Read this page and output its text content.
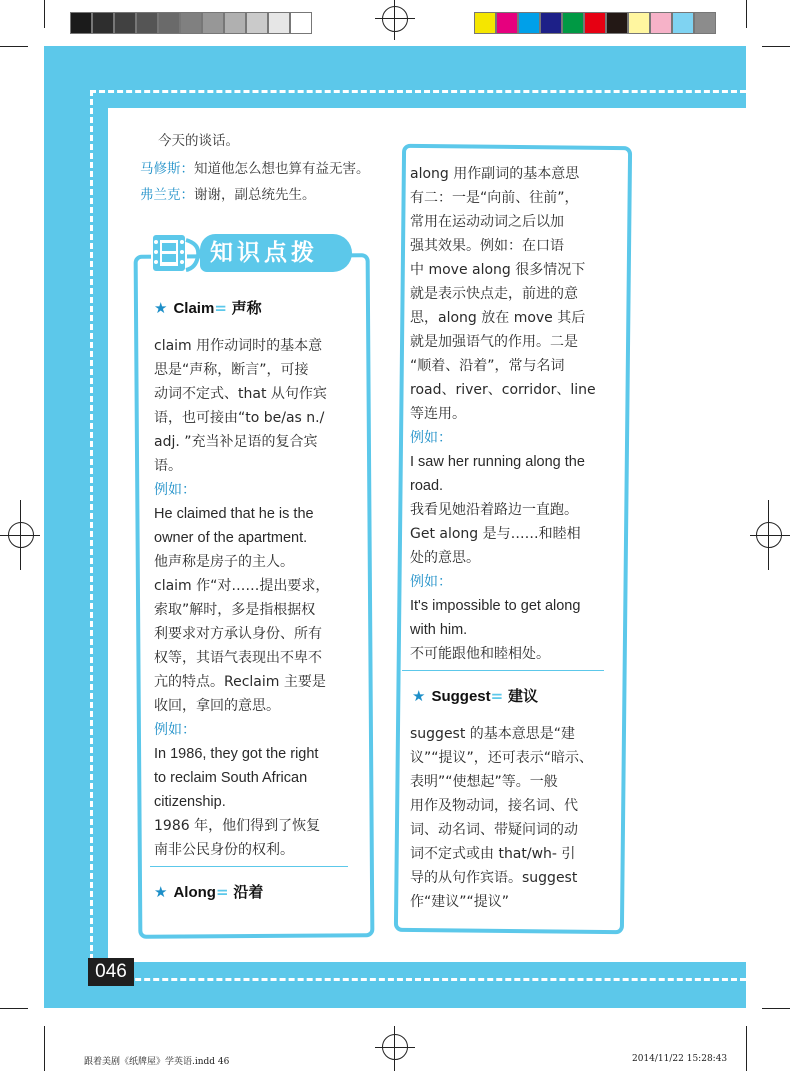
今天的谈话。
马修斯：知道他怎么想也算有益无害。
弗兰克：谢谢，副总统先生。
知识点拨
★ Claim= 声称

claim 用作动词时的基本意

思是“声称，断言”，可接

动词不定式、that 从句作宾

语，也可接由“to be/as n./

adj. ”充当补足语的复合宾

语。

例如：

He claimed that he is the

owner of the apartment.

他声称是房子的主人。

claim 作“对……提出要求，

索取”解时，多是指根据权

利要求对方承认身份、所有

权等，其语气表现出不卑不

亢的特点。Reclaim 主要是

收回，拿回的意思。

例如：

In 1986, they got the right

to reclaim South African

citizenship.

1986 年，他们得到了恢复

南非公民身份的权利。

★ Along= 沿着

along 用作副词的基本意思

有二：一是“向前、往前”，

常用在运动动词之后以加

强其效果。例如：在口语

中 move along 很多情况下

就是表示快点走，前进的意

思，along 放在 move 其后

就是加强语气的作用。二是

“顺着、沿着”，常与名词

road、river、corridor、line

等连用。

例如：

I saw her running along the

road.

我看见她沿着路边一直跑。

Get along 是与……和睦相

处的意思。

例如：

It's impossible to get along

with him.

不可能跟他和睦相处。

★ Suggest= 建议

suggest 的基本意思是“建

议”“提议”，还可表示“暗示、

表明”“使想起”等。一般

用作及物动词，接名词、代

词、动名词、带疑问词的动

词不定式或由 that/wh- 引

导的从句作宾语。suggest

作“建议”“提议”

046
跟着美剧《纸牌屋》学英语.indd 46	2014/11/22 15:28:43
